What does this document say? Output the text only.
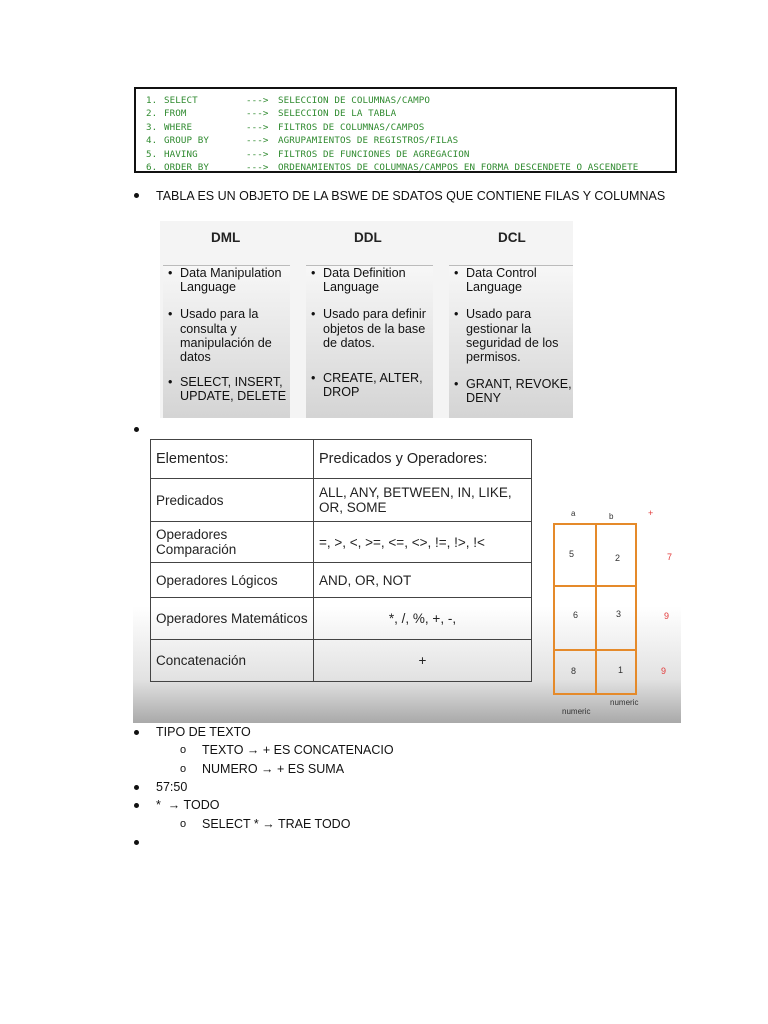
1. SELECT	--->	SELECCION DE COLUMNAS/CAMPO
2. FROM	--->	SELECCION DE LA TABLA
3. WHERE	--->	FILTROS DE COLUMNAS/CAMPOS
4. GROUP BY	--->	AGRUPAMIENTOS DE REGISTROS/FILAS
5. HAVING	--->	FILTROS DE FUNCIONES DE AGREGACION
6. ORDER BY	--->	ORDENAMIENTOS DE COLUMNAS/CAMPOS EN FORMA DESCENDETE O ASCENDETE
TABLA ES UN OBJETO DE LA BSWE DE SDATOS QUE CONTIENE FILAS Y COLUMNAS
DML	DDL	DCL
• Data Manipulation Language
• Usado para la consulta y manipulación de datos
• SELECT, INSERT, UPDATE, DELETE
• Data Definition Language
• Usado para definir objetos de la base de datos.
• CREATE, ALTER, DROP
• Data Control Language
• Usado para gestionar la seguridad de los permisos.
• GRANT, REVOKE, DENY
Elementos:	Predicados y Operadores:
Predicados	ALL, ANY, BETWEEN, IN, LIKE, OR, SOME
Operadores Comparación	=, >, <, >=, <=, <>, !=, !>, !<
Operadores Lógicos	AND, OR, NOT
Operadores Matemáticos	*, /, %, +, -,
Concatenación	+
a	b	+
5	2
6	3
8	1
7
9
9
numeric
numeric
TIPO DE TEXTO
o TEXTO → + ES CONCATENACIO
o NUMERO → + ES SUMA
57:50
*  → TODO
o SELECT * → TRAE TODO
